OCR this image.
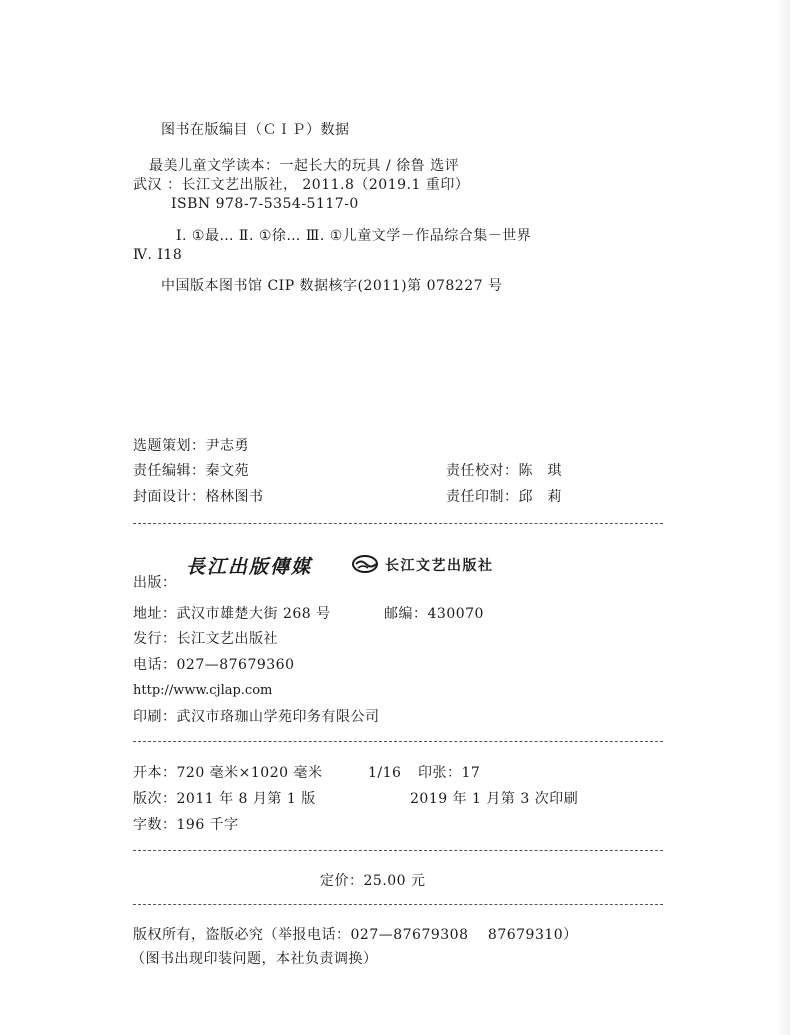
图书在版编目（ＣＩＰ）数据
最美儿童文学读本：一起长大的玩具 / 徐鲁 选评
武汉 ：长江文艺出版社， 2011.8（2019.1 重印）
ISBN 978-7-5354-5117-0
Ⅰ. ①最… Ⅱ. ①徐… Ⅲ. ①儿童文学－作品综合集－世界
Ⅳ. I18
中国版本图书馆 CIP 数据核字(2011)第 078227 号
选题策划：尹志勇
责任编辑：秦文苑	责任校对：陈　琪
封面设计：格林图书	责任印制：邱　莉
出版：
長江出版傳媒	长江文艺出版社
地址：武汉市雄楚大街 268 号	邮编：430070
发行：长江文艺出版社
电话：027—87679360
http://www.cjlap.com
印刷：武汉市珞珈山学苑印务有限公司
开本：720 毫米×1020 毫米	1/16 印张：17
版次：2011 年 8 月第 1 版	2019 年 1 月第 3 次印刷
字数：196 千字
定价：25.00 元
版权所有，盗版必究（举报电话：027—87679308　 87679310）
（图书出现印装问题，本社负责调换）
